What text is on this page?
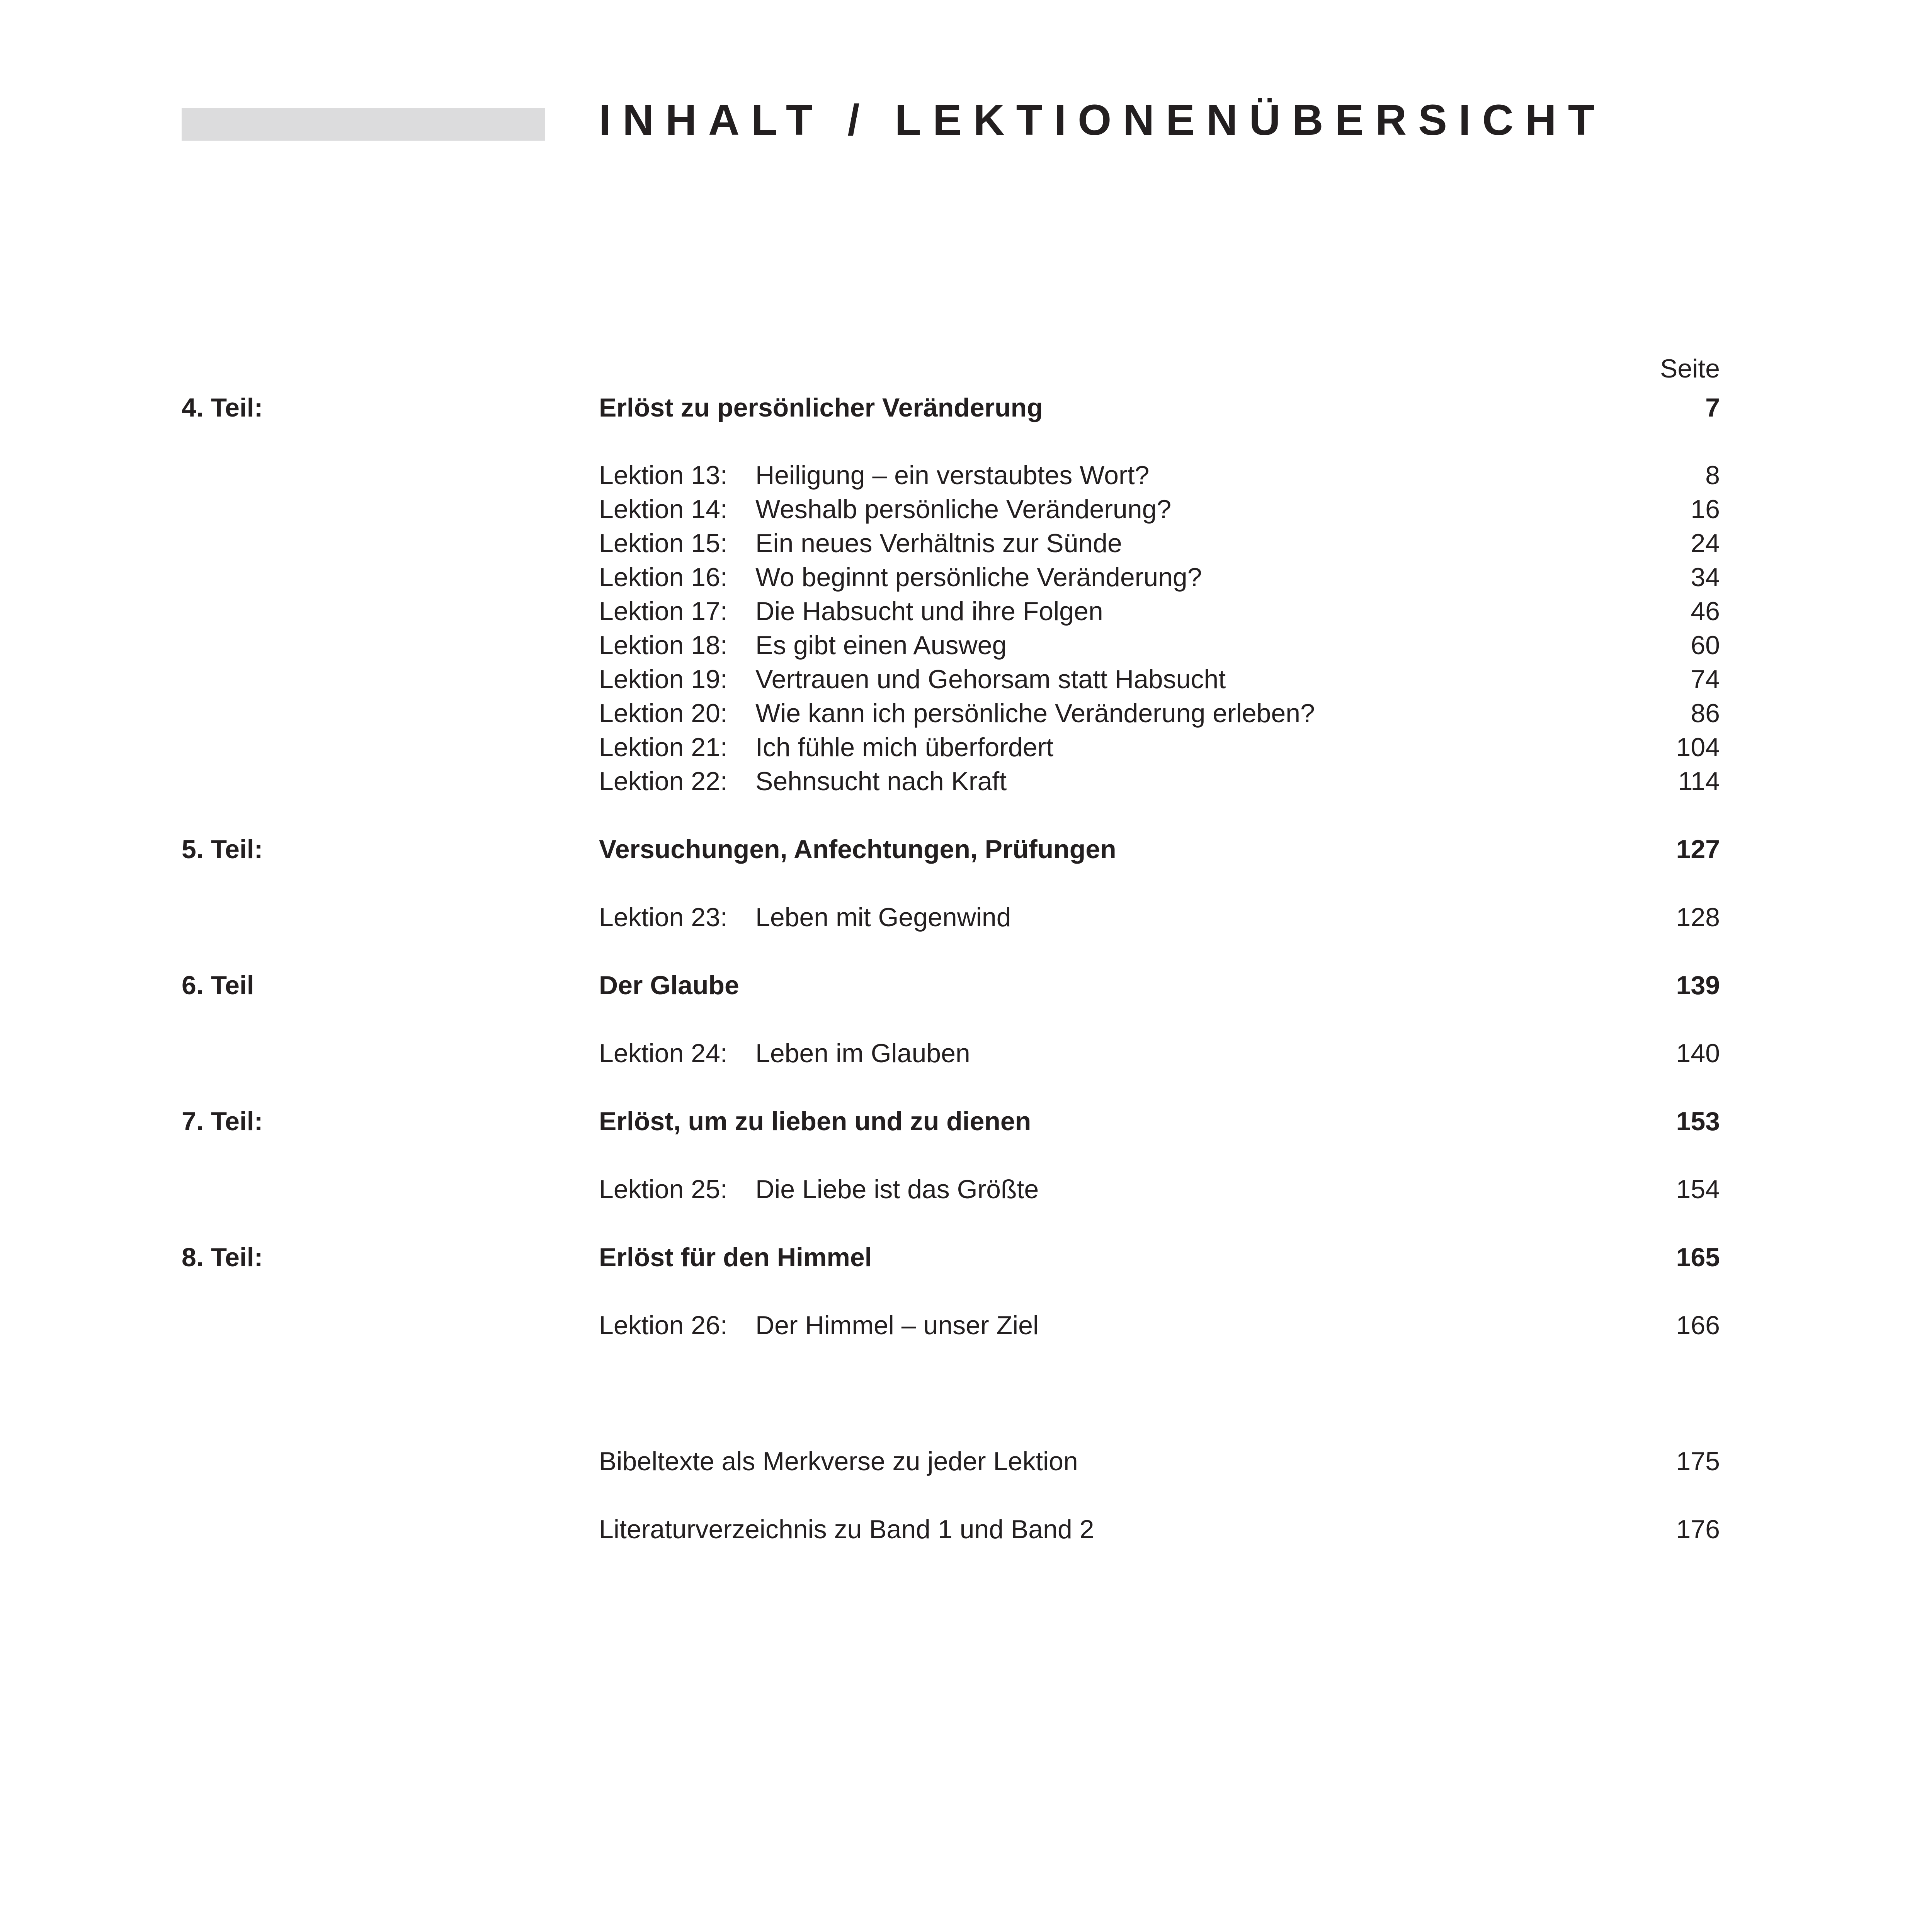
INHALT / LEKTIONENÜBERSICHT
Seite
4. Teil:	Erlöst zu persönlicher Veränderung	7
Lektion 13: Heiligung – ein verstaubtes Wort?	8
Lektion 14: Weshalb persönliche Veränderung?	16
Lektion 15: Ein neues Verhältnis zur Sünde	24
Lektion 16: Wo beginnt persönliche Veränderung?	34
Lektion 17: Die Habsucht und ihre Folgen	46
Lektion 18: Es gibt einen Ausweg	60
Lektion 19: Vertrauen und Gehorsam statt Habsucht	74
Lektion 20: Wie kann ich persönliche Veränderung erleben?	86
Lektion 21: Ich fühle mich überfordert	104
Lektion 22: Sehnsucht nach Kraft	114
5. Teil:	Versuchungen, Anfechtungen, Prüfungen	127
Lektion 23: Leben mit Gegenwind	128
6. Teil	Der Glaube	139
Lektion 24: Leben im Glauben	140
7. Teil:	Erlöst, um zu lieben und zu dienen	153
Lektion 25: Die Liebe ist das Größte	154
8. Teil:	Erlöst für den Himmel	165
Lektion 26: Der Himmel – unser Ziel	166
Bibeltexte als Merkverse zu jeder Lektion	175
Literaturverzeichnis zu Band 1 und Band 2	176
